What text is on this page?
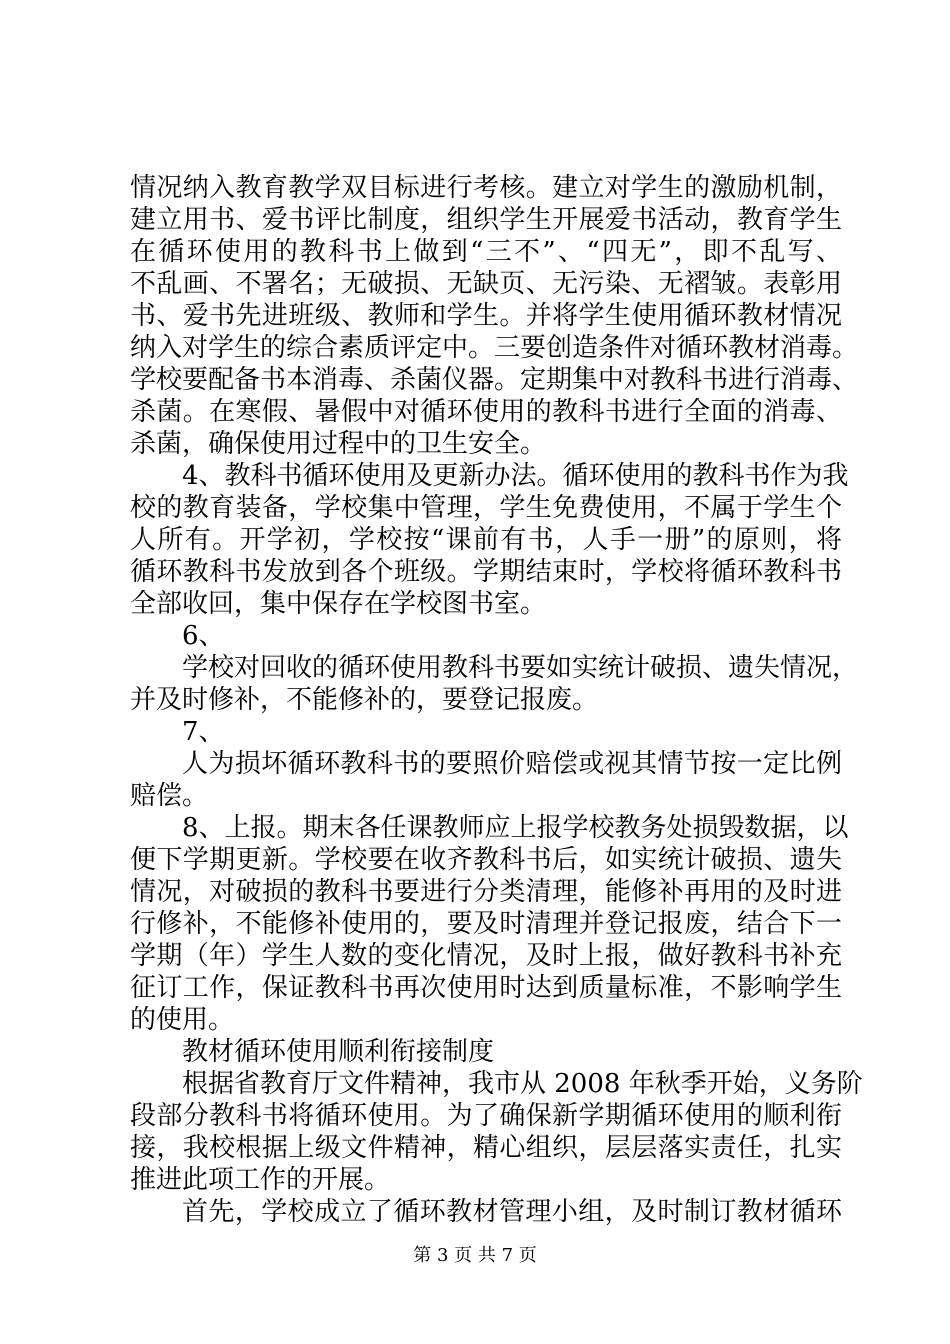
情况纳入教育教学双目标进行考核。建立对学生的激励机制，
建立用书、爱书评比制度，组织学生开展爱书活动，教育学生
在循环使用的教科书上做到“三不”、“四无”，即不乱写、
不乱画、不署名；无破损、无缺页、无污染、无褶皱。表彰用
书、爱书先进班级、教师和学生。并将学生使用循环教材情况
纳入对学生的综合素质评定中。三要创造条件对循环教材消毒。
学校要配备书本消毒、杀菌仪器。定期集中对教科书进行消毒、
杀菌。在寒假、暑假中对循环使用的教科书进行全面的消毒、
杀菌，确保使用过程中的卫生安全。
4、教科书循环使用及更新办法。循环使用的教科书作为我
校的教育装备，学校集中管理，学生免费使用，不属于学生个
人所有。开学初，学校按“课前有书，人手一册”的原则，将
循环教科书发放到各个班级。学期结束时，学校将循环教科书
全部收回，集中保存在学校图书室。
6、
学校对回收的循环使用教科书要如实统计破损、遗失情况，
并及时修补，不能修补的，要登记报废。
7、
人为损坏循环教科书的要照价赔偿或视其情节按一定比例
赔偿。
8、上报。期末各任课教师应上报学校教务处损毁数据，以
便下学期更新。学校要在收齐教科书后，如实统计破损、遗失
情况，对破损的教科书要进行分类清理，能修补再用的及时进
行修补，不能修补使用的，要及时清理并登记报废，结合下一
学期（年）学生人数的变化情况，及时上报，做好教科书补充
征订工作，保证教科书再次使用时达到质量标准，不影响学生
的使用。
教材循环使用顺利衔接制度
根据省教育厅文件精神，我市从 2008 年秋季开始，义务阶
段部分教科书将循环使用。为了确保新学期循环使用的顺利衔
接，我校根据上级文件精神，精心组织，层层落实责任，扎实
推进此项工作的开展。
首先，学校成立了循环教材管理小组，及时制订教材循环
第 3 页 共 7 页
